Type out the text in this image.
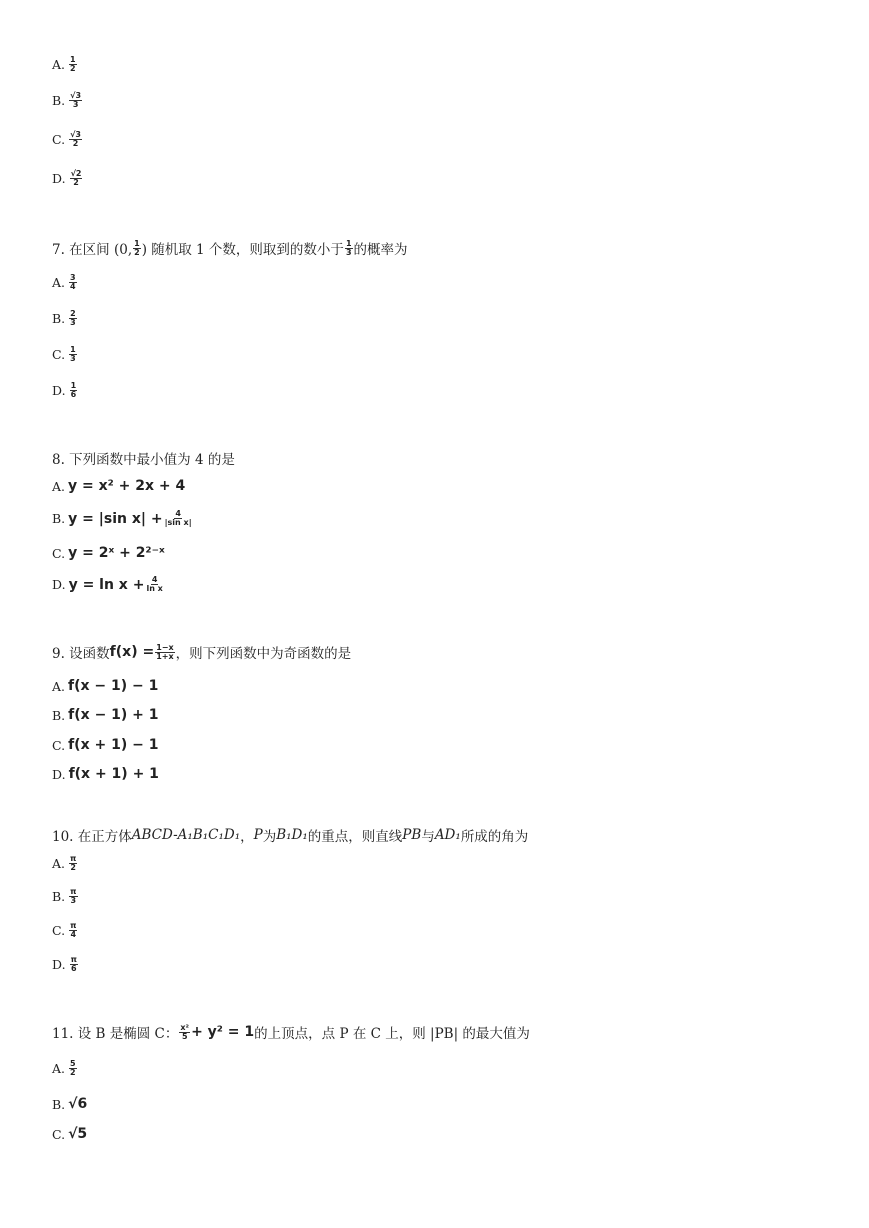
A. $\frac{1}{2}$
B. $\frac{√3}{3}$
C. $\frac{√3}{2}$
D. $\frac{√2}{2}$
7. 在区间 (0, $\frac{1}{2}$ ) 随机取 1 个数，则取到的数小于 $\frac{1}{3}$ 的概率为
A. $\frac{3}{4}$
B. $\frac{2}{3}$
C. $\frac{1}{3}$
D. $\frac{1}{6}$
8. 下列函数中最小值为 4 的是
A. y = x² + 2x + 4
B. y = |sin $x| + \frac{4}{\text{|sin x|}}$
C. y = 2ˣ + 2²⁻ˣ
D. $y = \ln x + \frac{4}{\text{ln x}}$
9. 设函数 $f(x) = \frac{1-x}{1+x}$ ，则下列函数中为奇函数的是
A. f(x − 1) − 1
B. f(x − 1) + 1
C. f(x + 1) − 1
D. f(x + 1) + 1
10. 在正方体 ABCD-A₁B₁C₁D₁ ， P 为 B₁D₁ 的重点，则直线 PB 与 AD₁ 所成的角为
A. $\frac{\pi}{2}$
B. $\frac{\pi}{3}$
C. $\frac{\pi}{4}$
D. $\frac{\pi}{6}$
11. 设 B 是椭圆 C： $\frac{\text{x²}}{5} + y^2 = 1$ 的上顶点，点 P 在 C 上，则 |PB| 的最大值为
A. $\frac{5}{2}$
B. √6
C. √5
